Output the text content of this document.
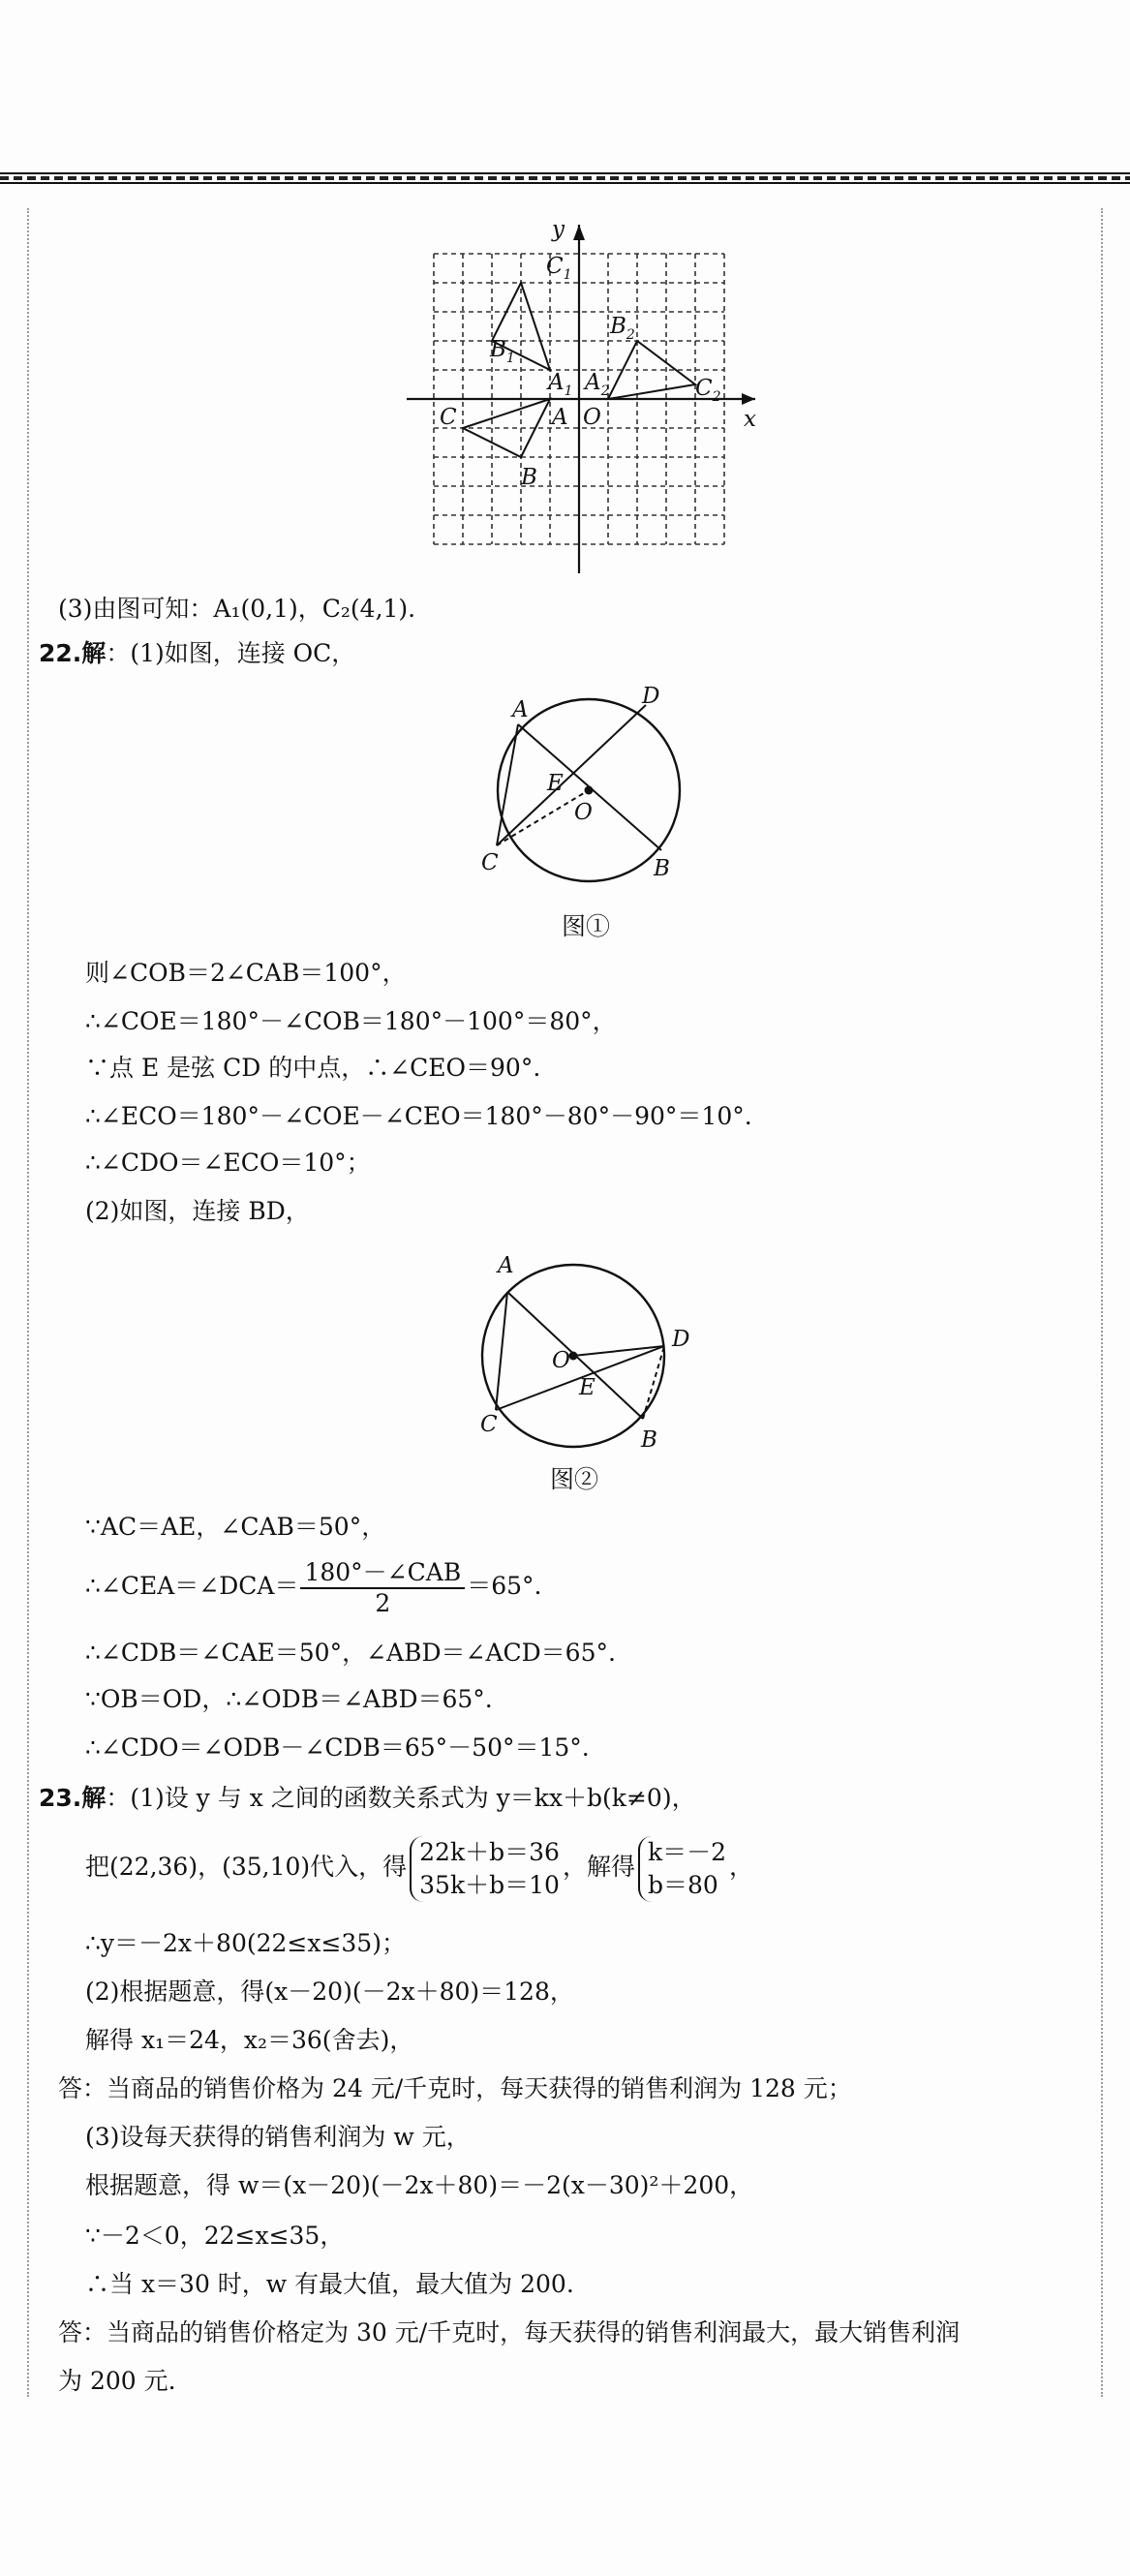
y
x
$C_1$
$B_1$
$A_1$
$B_2$
$A_2$	$C_2$
C	A O
B
(3)由图可知：A₁(0,1)，C₂(4,1).
22.解：(1)如图，连接 OC，
A
D
E
O
C	B
图①
则∠COB＝2∠CAB＝100°，
∴∠COE＝180°－∠COB＝180°－100°＝80°，
∵点 E 是弦 CD 的中点，∴∠CEO＝90°.
∴∠ECO＝180°－∠COE－∠CEO＝180°－80°－90°＝10°.
∴∠CDO＝∠ECO＝10°；
(2)如图，连接 BD，
A
D
O
E
C
B
图②
∵AC＝AE，∠CAB＝50°，
∴∠CEA＝∠DCA＝ $\frac{\text{180°－∠CAB}}{2} =65^\circ$.
∴∠CDB＝∠CAE＝50°，∠ABD＝∠ACD＝65°.
∵OB＝OD，∴∠ODB＝∠ABD＝65°.
∴∠CDO＝∠ODB－∠CDB＝65°－50°＝15°.
23.解：(1)设 y 与 x 之间的函数关系式为 y＝kx＋b(k≠0)，
把(22,36)，(35,10)代入，得
22k＋b＝36
35k＋b＝10
，解得
k＝－2
b＝80
，
∴y＝－2x＋80(22≤x≤35)；
(2)根据题意，得(x－20)(－2x＋80)＝128，
解得 x₁＝24，x₂＝36(舍去)，
答：当商品的销售价格为 24 元/千克时，每天获得的销售利润为 128 元；
(3)设每天获得的销售利润为 w 元，
根据题意，得 w＝(x－20)(－2x＋80)＝－2(x－30)²＋200，
∵－2＜0，22≤x≤35，
∴当 x＝30 时，w 有最大值，最大值为 200.
答：当商品的销售价格定为 30 元/千克时，每天获得的销售利润最大，最大销售利润
为 200 元.
